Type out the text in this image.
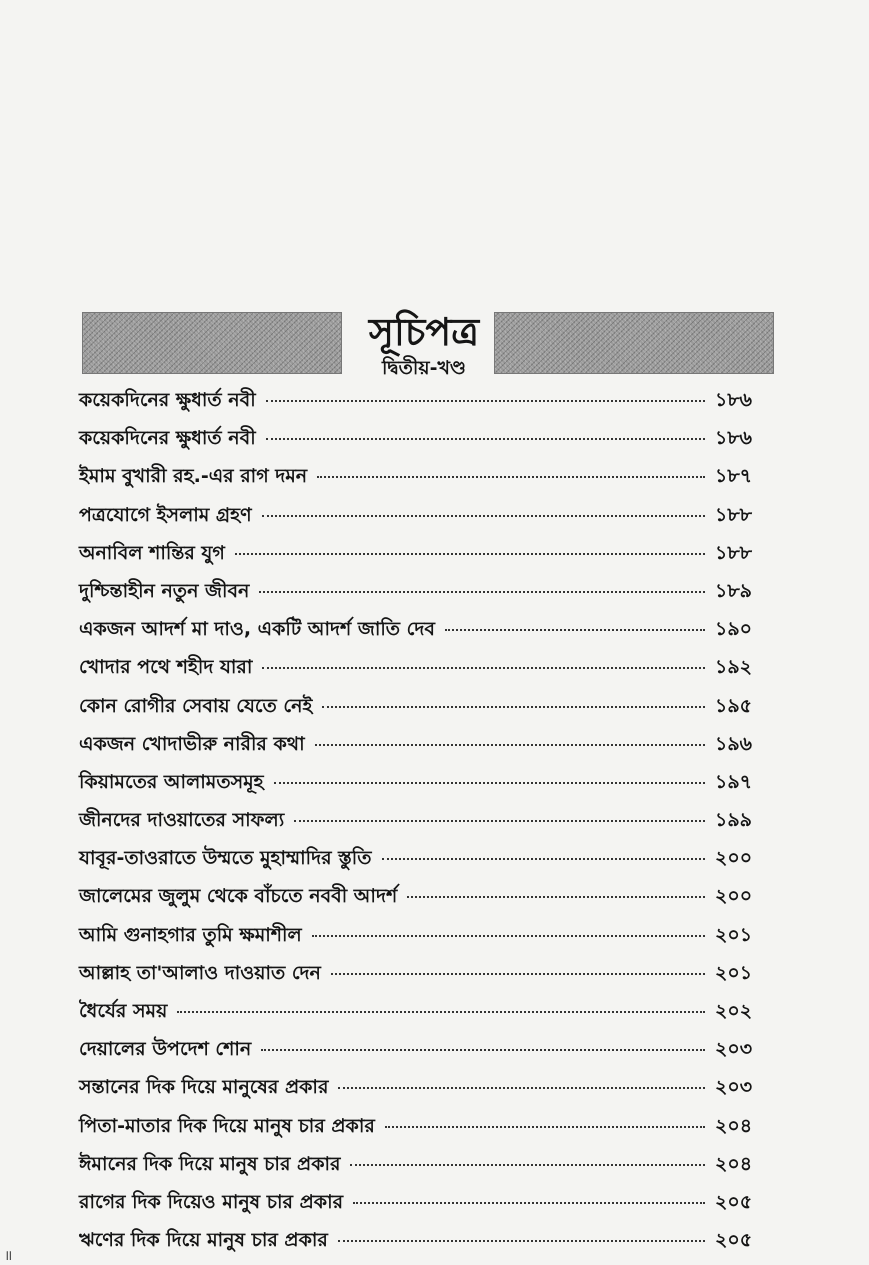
সূচিপত্র
দ্বিতীয়-খণ্ড
কয়েকদিনের ক্ষুধার্ত নবী	১৮৬
কয়েকদিনের ক্ষুধার্ত নবী	১৮৬
ইমাম বুখারী রহ.-এর রাগ দমন	১৮৭
পত্রযোগে ইসলাম গ্রহণ	১৮৮
অনাবিল শান্তির যুগ	১৮৮
দুশ্চিন্তাহীন নতুন জীবন	১৮৯
একজন আদর্শ মা দাও, একটি আদর্শ জাতি দেব	১৯০
খোদার পথে শহীদ যারা	১৯২
কোন রোগীর সেবায় যেতে নেই	১৯৫
একজন খোদাভীরু নারীর কথা	১৯৬
কিয়ামতের আলামতসমূহ	১৯৭
জীনদের দাওয়াতের সাফল্য	১৯৯
যাবূর-তাওরাতে উম্মতে মুহাম্মাদির স্তুতি	২০০
জালেমের জুলুম থেকে বাঁচতে নববী আদর্শ	২০০
আমি গুনাহগার তুমি ক্ষমাশীল	২০১
আল্লাহ তা'আলাও দাওয়াত দেন	২০১
ধৈর্যের সময়	২০২
দেয়ালের উপদেশ শোন	২০৩
সন্তানের দিক দিয়ে মানুষের প্রকার	২০৩
পিতা-মাতার দিক দিয়ে মানুষ চার প্রকার	২০৪
ঈমানের দিক দিয়ে মানুষ চার প্রকার	২০৪
রাগের দিক দিয়েও মানুষ চার প্রকার	২০৫
ঋণের দিক দিয়ে মানুষ চার প্রকার	২০৫
॥
